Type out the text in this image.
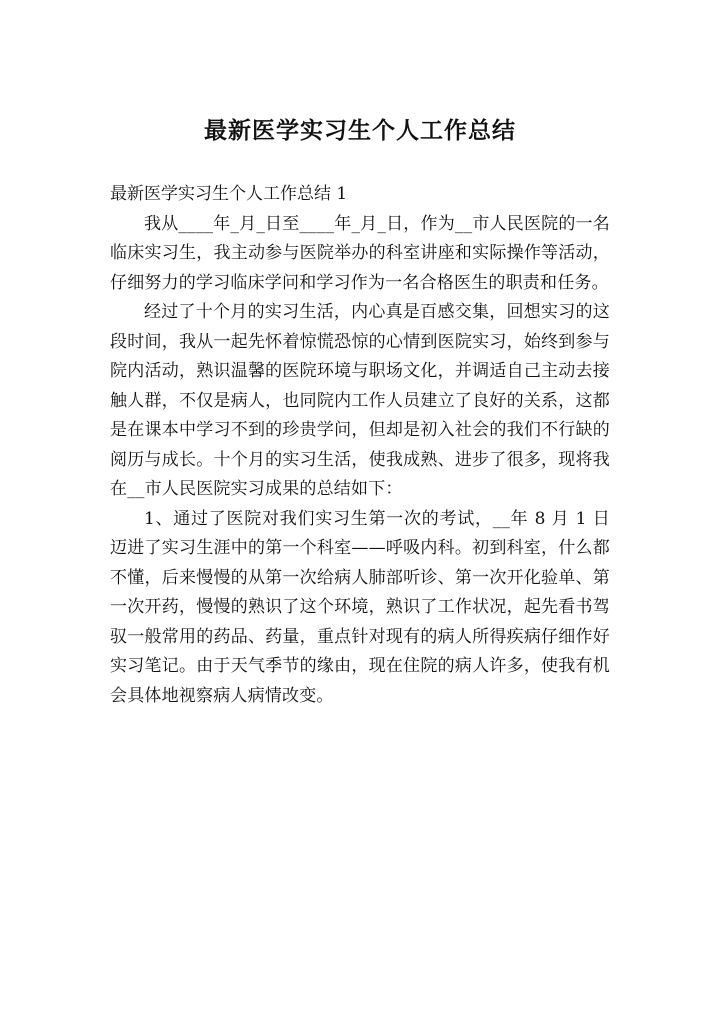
最新医学实习生个人工作总结

最新医学实习生个人工作总结 1

我从____年_月_日至____年_月_日，作为__市人民医院的一名临床实习生，我主动参与医院举办的科室讲座和实际操作等活动，仔细努力的学习临床学问和学习作为一名合格医生的职责和任务。

经过了十个月的实习生活，内心真是百感交集，回想实习的这段时间，我从一起先怀着惊慌恐惊的心情到医院实习，始终到参与院内活动，熟识温馨的医院环境与职场文化，并调适自己主动去接触人群，不仅是病人，也同院内工作人员建立了良好的关系，这都是在课本中学习不到的珍贵学问，但却是初入社会的我们不行缺的阅历与成长。十个月的实习生活，使我成熟、进步了很多，现将我在__市人民医院实习成果的总结如下：

1、通过了医院对我们实习生第一次的考试，__年 8 月 1 日迈进了实习生涯中的第一个科室——呼吸内科。初到科室，什么都不懂，后来慢慢的从第一次给病人肺部听诊、第一次开化验单、第一次开药，慢慢的熟识了这个环境，熟识了工作状况，起先看书驾驭一般常用的药品、药量，重点针对现有的病人所得疾病仔细作好实习笔记。由于天气季节的缘由，现在住院的病人许多，使我有机会具体地视察病人病情改变。
